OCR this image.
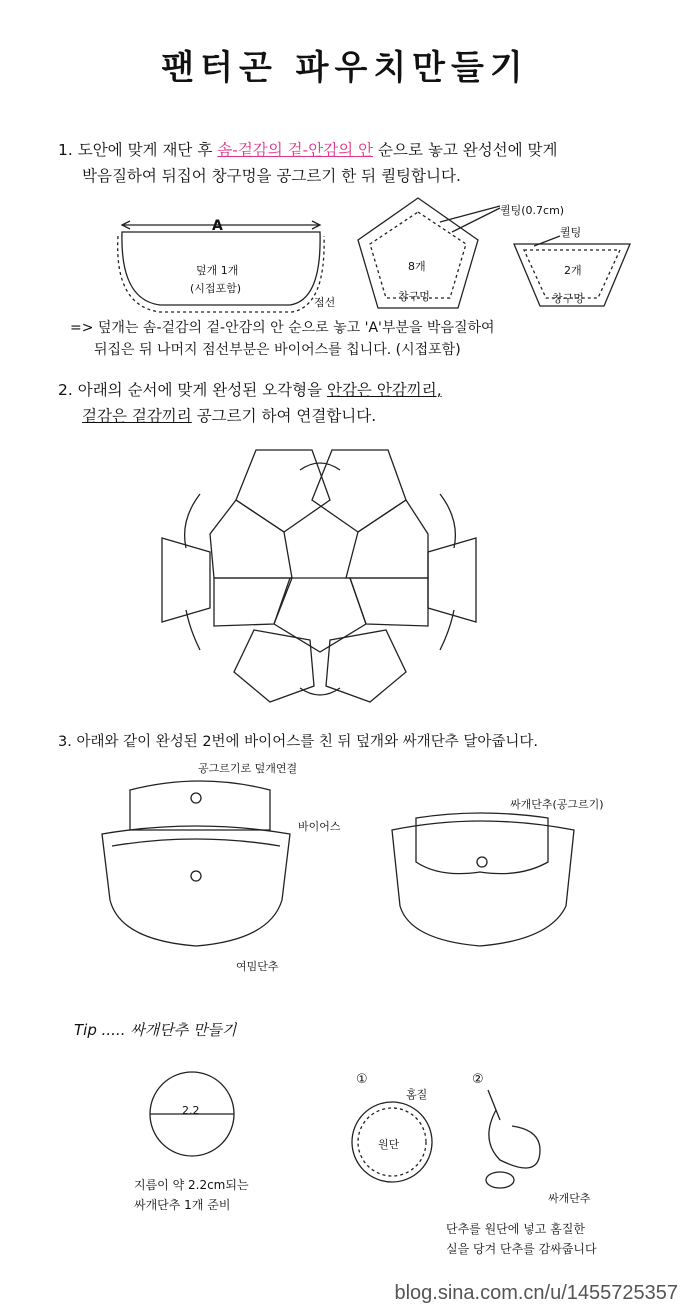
팬터곤 파우치만들기
1. 도안에 맞게 재단 후 솜-겉감의 겉-안감의 안 순으로 놓고 완성선에 맞게
박음질하여 뒤집어 창구멍을 공그르기 한 뒤 퀼팅합니다.
A
덮개 1개
(시접포함)
점선
퀼팅(0.7cm)
퀼팅
8개	2개
창구멍	창구멍
=> 덮개는 솜-겉감의 겉-안감의 안 순으로 놓고 'A'부분을 박음질하여
뒤집은 뒤 나머지 점선부분은 바이어스를 칩니다. (시접포함)
2. 아래의 순서에 맞게 완성된 오각형을 안감은 안감끼리,
겉감은 겉감끼리 공그르기 하여 연결합니다.
3. 아래와 같이 완성된 2번에 바이어스를 친 뒤 덮개와 싸개단추 달아줍니다.
공그르기로 덮개연결
바이어스
여밈단추
싸개단추(공그르기)
Tip ..... 싸개단추 만들기
2.2
지름이 약 2.2cm되는
싸개단추 1개 준비
①	②
홈질
원단
싸개단추
단추를 원단에 넣고 홈질한
실을 당겨 단추를 감싸줍니다
blog.sina.com.cn/u/1455725357
